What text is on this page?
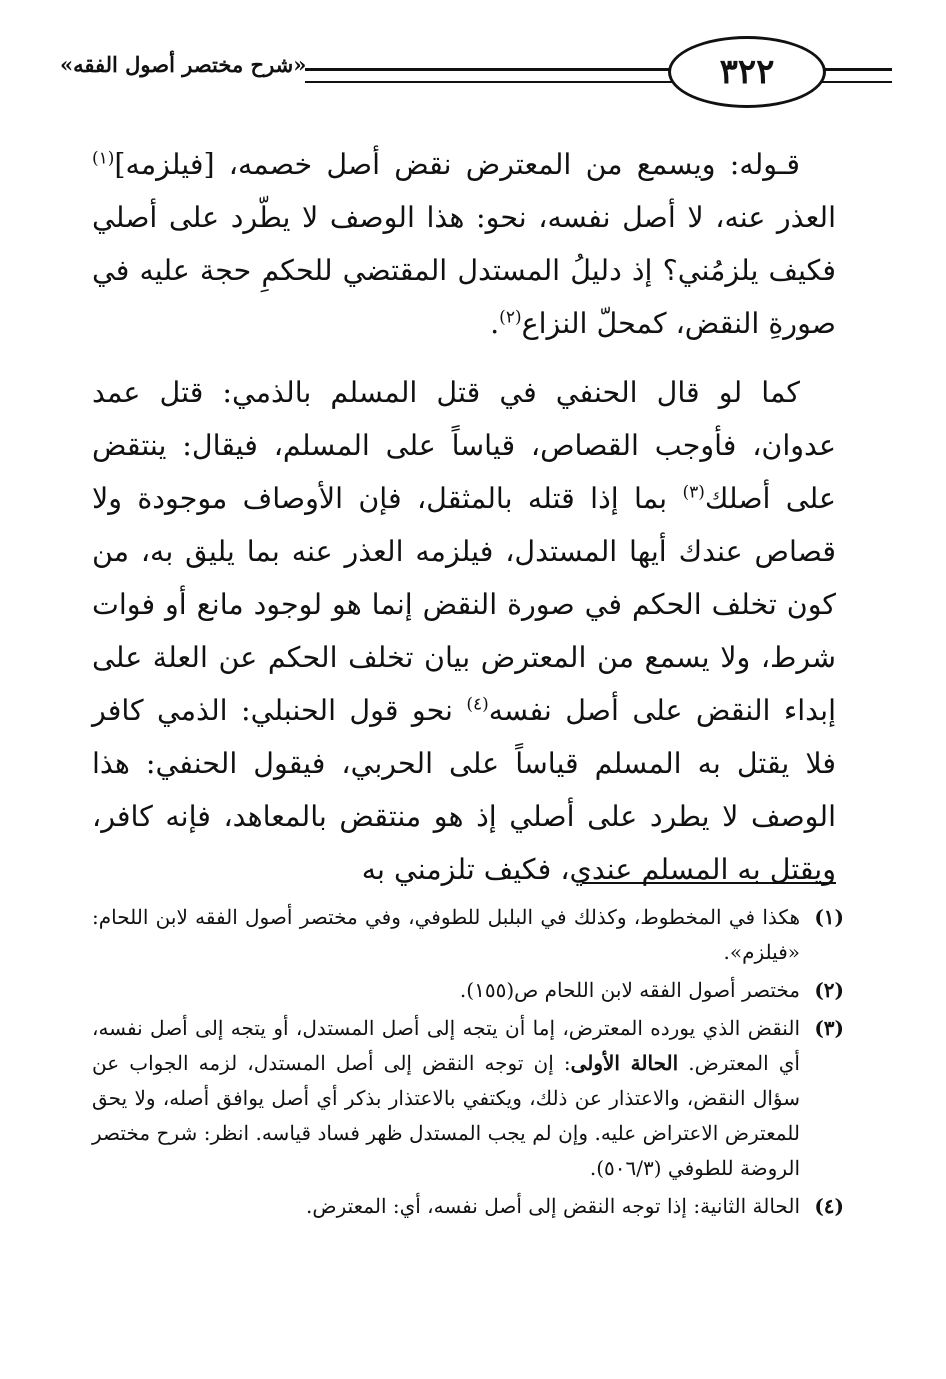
«شرح مختصر أصول الفقه»	٣٢٢

قـوله: ويسمع من المعترض نقض أصل خصمه، [فيلزمه]$^{(١)}$ العذر عنه، لا أصل نفسه، نحو: هذا الوصف لا يطّرد على أصلي فكيف يلزمُني؟ إذ دليلُ المستدل المقتضي للحكمِ حجة عليه في صورةِ النقض، كمحلّ النزاع$^{(٢)}$.

كما لو قال الحنفي في قتل المسلم بالذمي: قتل عمد عدوان، فأوجب القصاص، قياساً على المسلم، فيقال: ينتقض على أصلك$^{(٣)}$ بما إذا قتله بالمثقل، فإن الأوصاف موجودة ولا قصاص عندك أيها المستدل، فيلزمه العذر عنه بما يليق به، من كون تخلف الحكم في صورة النقض إنما هو لوجود مانع أو فوات شرط، ولا يسمع من المعترض بيان تخلف الحكم عن العلة على إبداء النقض على أصل نفسه$^{(٤)}$ نحو قول الحنبلي: الذمي كافر فلا يقتل به المسلم قياساً على الحربي، فيقول الحنفي: هذا الوصف لا يطرد على أصلي إذ هو منتقض بالمعاهد، فإنه كافر، ويقتل به المسلم عندي، فكيف تلزمني به

(١)
هكذا في المخطوط، وكذلك في البلبل للطوفي، وفي مختصر أصول الفقه لابن اللحام: «فيلزم».
(٢)
مختصر أصول الفقه لابن اللحام ص(١٥٥).
(٣)
النقض الذي يورده المعترض، إما أن يتجه إلى أصل المستدل، أو يتجه إلى أصل نفسه، أي المعترض. الحالة الأولى: إن توجه النقض إلى أصل المستدل، لزمه الجواب عن سؤال النقض، والاعتذار عن ذلك، ويكتفي بالاعتذار بذكر أي أصل يوافق أصله، ولا يحق للمعترض الاعتراض عليه. وإن لم يجب المستدل ظهر فساد قياسه. انظر: شرح مختصر الروضة للطوفي (٥٠٦/٣).
(٤)
الحالة الثانية: إذا توجه النقض إلى أصل نفسه، أي: المعترض.
